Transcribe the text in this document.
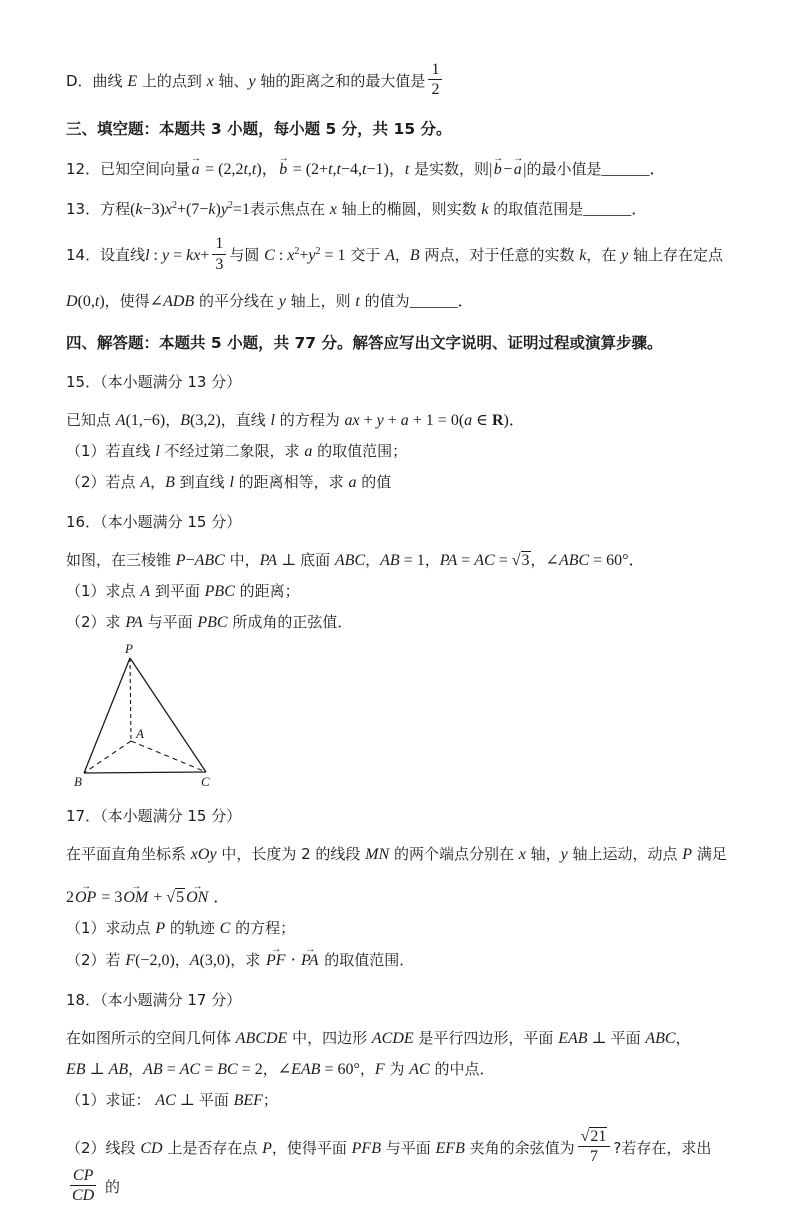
D．曲线 E 上的点到 x 轴、y 轴的距离之和的最大值是 $\frac{1}{2}$
三、填空题：本题共 3 小题，每小题 5 分，共 15 分。
12．已知空间向量
→
a = (2,2t,t)，
→
b = (2+t,t−4,t−1)，t 是实数，则|
→
b−
→
a|的最小值是______．
13．方程$(k-3)x^2+(7-k)y^2=1$表示焦点在 x 轴上的椭圆，则实数 k 的取值范围是______．
14．设直线l : $y = kx+ \frac{1}{3}$ 与圆 C : $x^2+y^2 = 1$ 交于 A，B 两点，对于任意的实数 k，在 y 轴上存在定点
D(0,t)，使得∠ADB 的平分线在 y 轴上，则 t 的值为______．
四、解答题：本题共 5 小题，共 77 分。解答应写出文字说明、证明过程或演算步骤。
15．（本小题满分 13 分）
已知点 A(1,−6)，B(3,2)，直线 l 的方程为 ax + y + a + 1 = 0(a ∈ R)．
（1）若直线 l 不经过第二象限，求 a 的取值范围；
（2）若点 A，B 到直线 l 的距离相等，求 a 的值
16．（本小题满分 15 分）
如图，在三棱锥 P−ABC 中，PA ⊥ 底面 ABC，AB = 1，PA = AC = √3，∠ABC = 60°．
（1）求点 A 到平面 PBC 的距离；
（2）求 PA 与平面 PBC 所成角的正弦值．
P
A
B	C
17．（本小题满分 15 分）
在平面直角坐标系 xOy 中，长度为 2 的线段 MN 的两个端点分别在 x 轴，y 轴上运动，动点 P 满足
2
→
OP = 3
→
OM + √5
→
ON ．
（1）求动点 P 的轨迹 C 的方程；
（2）若 F(−2,0)，A(3,0)，求
→
PF ⋅
→
PA 的取值范围．
18．（本小题满分 17 分）
在如图所示的空间几何体 ABCDE 中，四边形 ACDE 是平行四边形，平面 EAB ⊥ 平面 ABC，
EB ⊥ AB，AB = AC = BC = 2，∠EAB = 60°，F 为 AC 的中点．
（1）求证： AC ⊥ 平面 BEF；
（2）线段 CD 上是否存在点 P，使得平面 PFB 与平面 EFB 夹角的余弦值为 $\frac{√21}{7}$ ?若存在，求出
$\frac{CP}{CD}$ 的
